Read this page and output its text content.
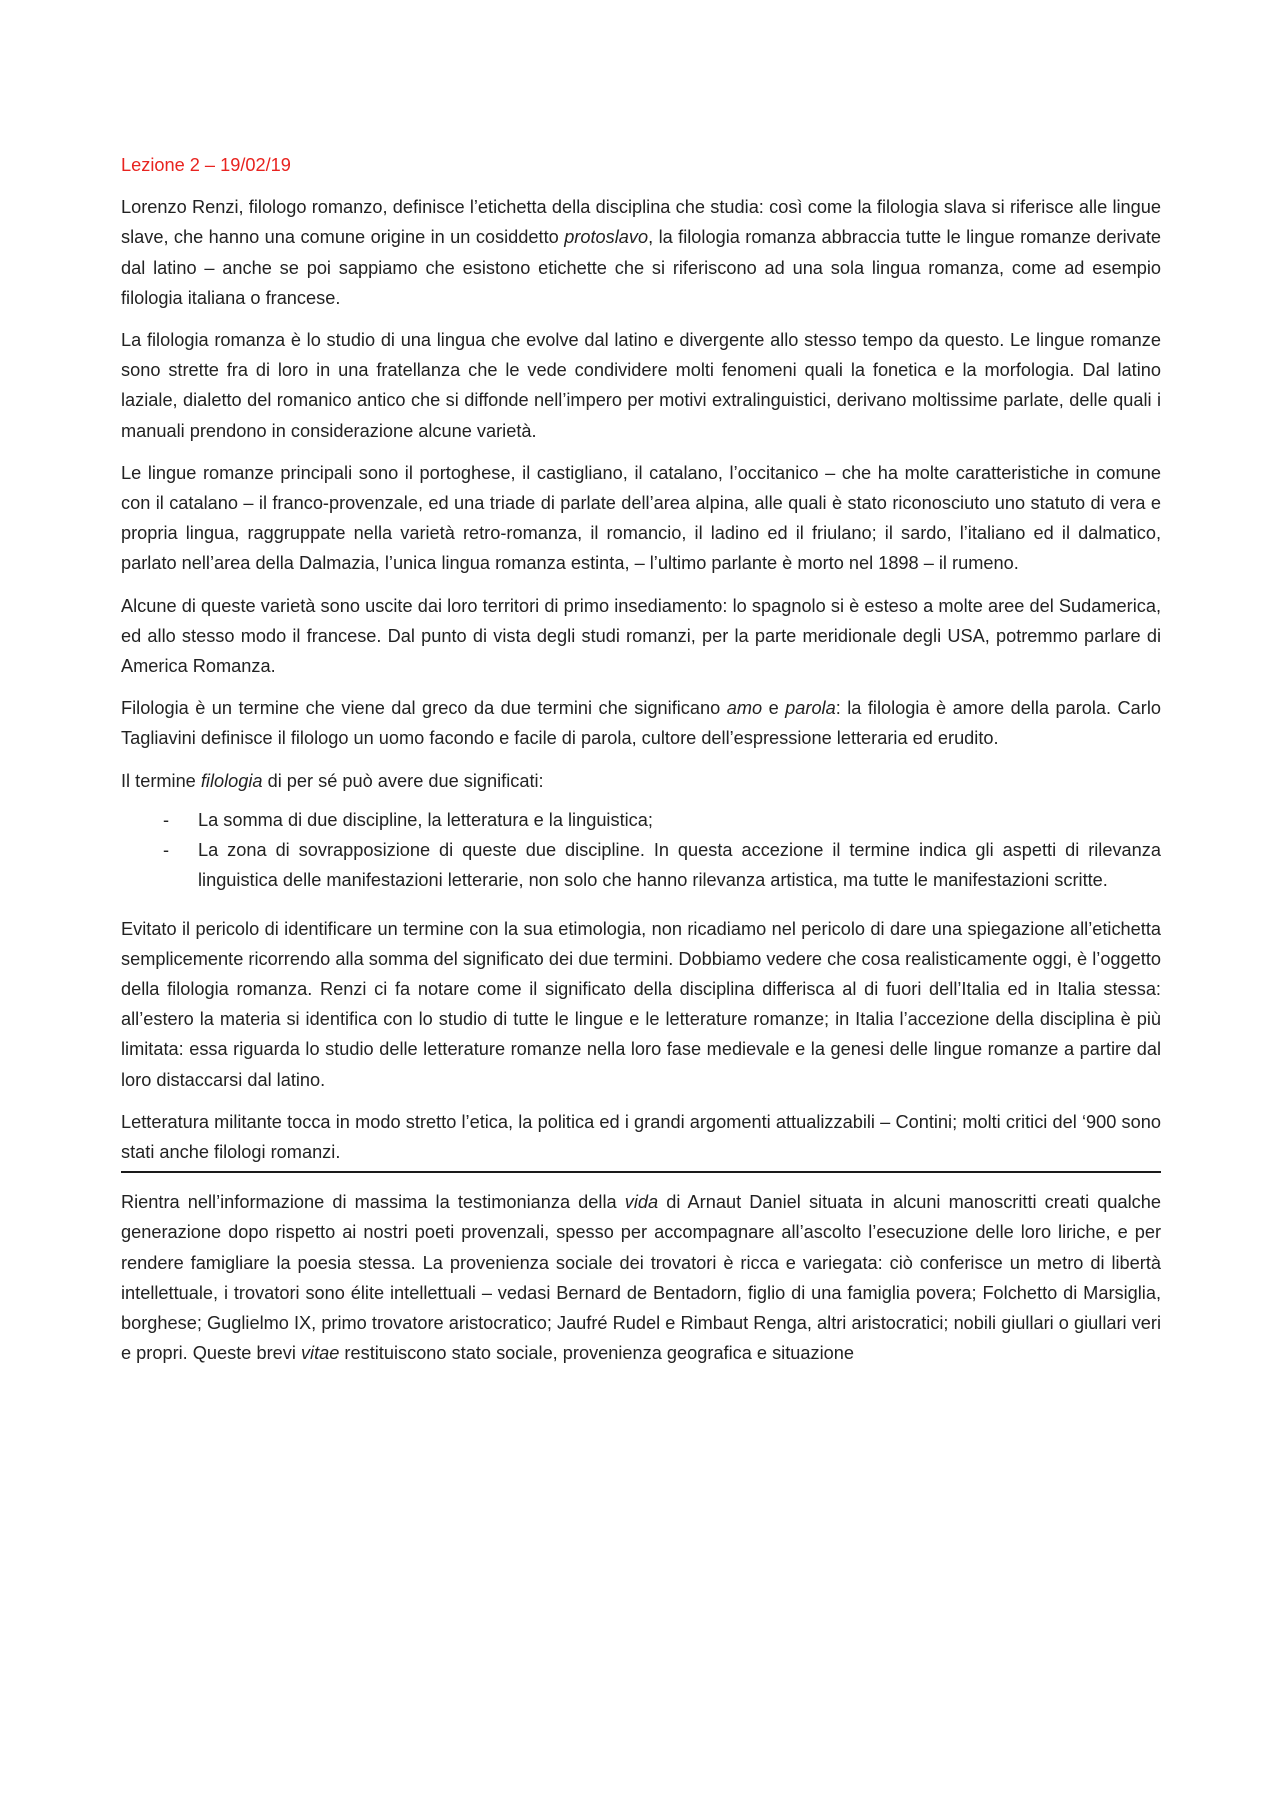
Lezione 2 – 19/02/19

Lorenzo Renzi, filologo romanzo, definisce l’etichetta della disciplina che studia: così come la filologia slava si riferisce alle lingue slave, che hanno una comune origine in un cosiddetto protoslavo, la filologia romanza abbraccia tutte le lingue romanze derivate dal latino – anche se poi sappiamo che esistono etichette che si riferiscono ad una sola lingua romanza, come ad esempio filologia italiana o francese.

La filologia romanza è lo studio di una lingua che evolve dal latino e divergente allo stesso tempo da questo. Le lingue romanze sono strette fra di loro in una fratellanza che le vede condividere molti fenomeni quali la fonetica e la morfologia. Dal latino laziale, dialetto del romanico antico che si diffonde nell’impero per motivi extralinguistici, derivano moltissime parlate, delle quali i manuali prendono in considerazione alcune varietà.

Le lingue romanze principali sono il portoghese, il castigliano, il catalano, l’occitanico – che ha molte caratteristiche in comune con il catalano – il franco-provenzale, ed una triade di parlate dell’area alpina, alle quali è stato riconosciuto uno statuto di vera e propria lingua, raggruppate nella varietà retro-romanza, il romancio, il ladino ed il friulano; il sardo, l’italiano ed il dalmatico, parlato nell’area della Dalmazia, l’unica lingua romanza estinta, – l’ultimo parlante è morto nel 1898 – il rumeno.

Alcune di queste varietà sono uscite dai loro territori di primo insediamento: lo spagnolo si è esteso a molte aree del Sudamerica, ed allo stesso modo il francese. Dal punto di vista degli studi romanzi, per la parte meridionale degli USA, potremmo parlare di America Romanza.

Filologia è un termine che viene dal greco da due termini che significano amo e parola: la filologia è amore della parola. Carlo Tagliavini definisce il filologo un uomo facondo e facile di parola, cultore dell’espressione letteraria ed erudito.

Il termine filologia di per sé può avere due significati:

- La somma di due discipline, la letteratura e la linguistica;
- La zona di sovrapposizione di queste due discipline. In questa accezione il termine indica gli aspetti di rilevanza linguistica delle manifestazioni letterarie, non solo che hanno rilevanza artistica, ma tutte le manifestazioni scritte.

Evitato il pericolo di identificare un termine con la sua etimologia, non ricadiamo nel pericolo di dare una spiegazione all’etichetta semplicemente ricorrendo alla somma del significato dei due termini. Dobbiamo vedere che cosa realisticamente oggi, è l’oggetto della filologia romanza. Renzi ci fa notare come il significato della disciplina differisca al di fuori dell’Italia ed in Italia stessa: all’estero la materia si identifica con lo studio di tutte le lingue e le letterature romanze; in Italia l’accezione della disciplina è più limitata: essa riguarda lo studio delle letterature romanze nella loro fase medievale e la genesi delle lingue romanze a partire dal loro distaccarsi dal latino.

Letteratura militante tocca in modo stretto l’etica, la politica ed i grandi argomenti attualizzabili – Contini; molti critici del ‘900 sono stati anche filologi romanzi.

Rientra nell’informazione di massima la testimonianza della vida di Arnaut Daniel situata in alcuni manoscritti creati qualche generazione dopo rispetto ai nostri poeti provenzali, spesso per accompagnare all’ascolto l’esecuzione delle loro liriche, e per rendere famigliare la poesia stessa. La provenienza sociale dei trovatori è ricca e variegata: ciò conferisce un metro di libertà intellettuale, i trovatori sono élite intellettuali – vedasi Bernard de Bentadorn, figlio di una famiglia povera; Folchetto di Marsiglia, borghese; Guglielmo IX, primo trovatore aristocratico; Jaufré Rudel e Rimbaut Renga, altri aristocratici; nobili giullari o giullari veri e propri. Queste brevi vitae restituiscono stato sociale, provenienza geografica e situazione
